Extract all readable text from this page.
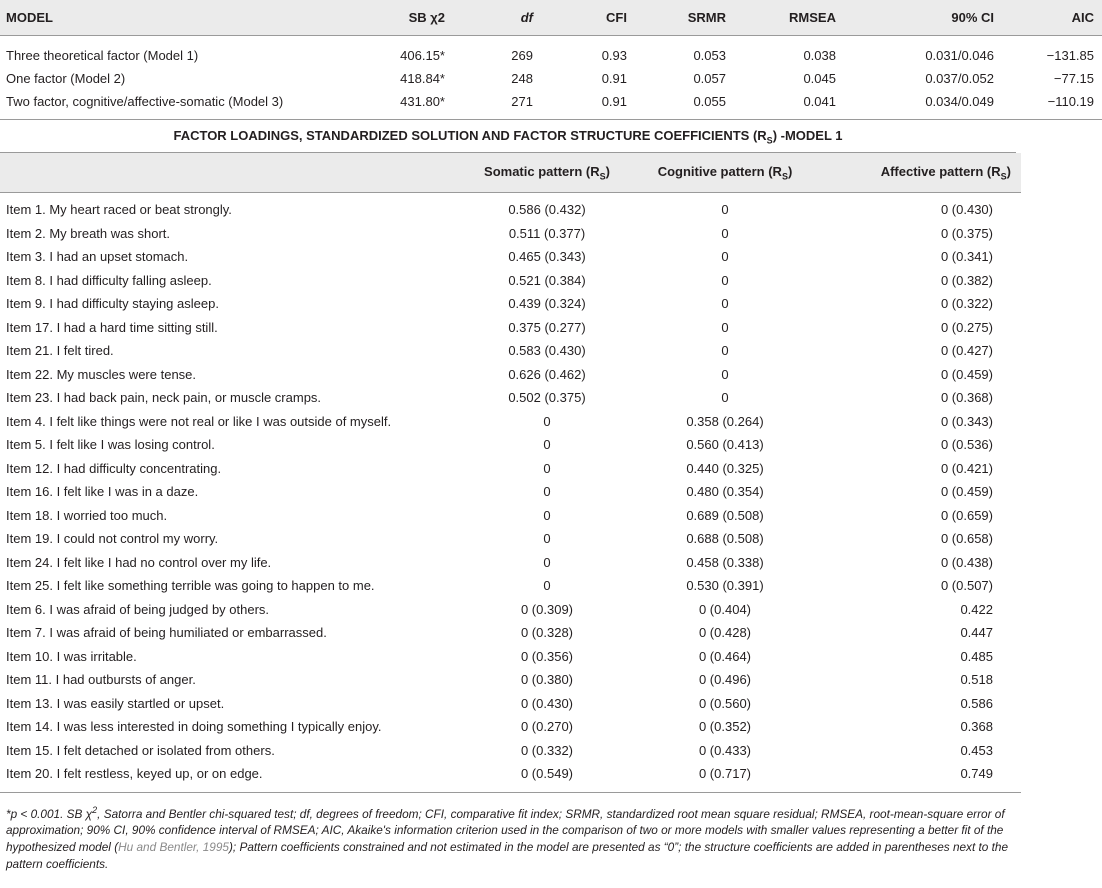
MODEL	SB χ2	df	CFI	SRMR	RMSEA	90% CI	AIC
Three theoretical factor (Model 1)	406.15*	269	0.93	0.053	0.038	0.031/0.046	−131.85
One factor (Model 2)	418.84*	248	0.91	0.057	0.045	0.037/0.052	−77.15
Two factor, cognitive/affective-somatic (Model 3)	431.80*	271	0.91	0.055	0.041	0.034/0.049	−110.19
FACTOR LOADINGS, STANDARDIZED SOLUTION AND FACTOR STRUCTURE COEFFICIENTS $(R_S)$ -MODEL 1
	Somatic pattern $(R_S)$	Cognitive pattern $(R_S)$	Affective pattern $(R_S)$
Item 1. My heart raced or beat strongly.	0.586 (0.432)	0	0 (0.430)
Item 2. My breath was short.	0.511 (0.377)	0	0 (0.375)
Item 3. I had an upset stomach.	0.465 (0.343)	0	0 (0.341)
Item 8. I had difficulty falling asleep.	0.521 (0.384)	0	0 (0.382)
Item 9. I had difficulty staying asleep.	0.439 (0.324)	0	0 (0.322)
Item 17. I had a hard time sitting still.	0.375 (0.277)	0	0 (0.275)
Item 21. I felt tired.	0.583 (0.430)	0	0 (0.427)
Item 22. My muscles were tense.	0.626 (0.462)	0	0 (0.459)
Item 23. I had back pain, neck pain, or muscle cramps.	0.502 (0.375)	0	0 (0.368)
Item 4. I felt like things were not real or like I was outside of myself.	0	0.358 (0.264)	0 (0.343)
Item 5. I felt like I was losing control.	0	0.560 (0.413)	0 (0.536)
Item 12. I had difficulty concentrating.	0	0.440 (0.325)	0 (0.421)
Item 16. I felt like I was in a daze.	0	0.480 (0.354)	0 (0.459)
Item 18. I worried too much.	0	0.689 (0.508)	0 (0.659)
Item 19. I could not control my worry.	0	0.688 (0.508)	0 (0.658)
Item 24. I felt like I had no control over my life.	0	0.458 (0.338)	0 (0.438)
Item 25. I felt like something terrible was going to happen to me.	0	0.530 (0.391)	0 (0.507)
Item 6. I was afraid of being judged by others.	0 (0.309)	0 (0.404)	0.422
Item 7. I was afraid of being humiliated or embarrassed.	0 (0.328)	0 (0.428)	0.447
Item 10. I was irritable.	0 (0.356)	0 (0.464)	0.485
Item 11. I had outbursts of anger.	0 (0.380)	0 (0.496)	0.518
Item 13. I was easily startled or upset.	0 (0.430)	0 (0.560)	0.586
Item 14. I was less interested in doing something I typically enjoy.	0 (0.270)	0 (0.352)	0.368
Item 15. I felt detached or isolated from others.	0 (0.332)	0 (0.433)	0.453
Item 20. I felt restless, keyed up, or on edge.	0 (0.549)	0 (0.717)	0.749
*p < 0.001. SB $\chi^2$, Satorra and Bentler chi-squared test; df, degrees of freedom; CFI, comparative fit index; SRMR, standardized root mean square residual; RMSEA, root-mean-square error of approximation; 90% CI, 90% confidence interval of RMSEA; AIC, Akaike's information criterion used in the comparison of two or more models with smaller values representing a better fit of the hypothesized model (Hu and Bentler, 1995); Pattern coefficients constrained and not estimated in the model are presented as “0”; the structure coefficients are added in parentheses next to the pattern coefficients.
